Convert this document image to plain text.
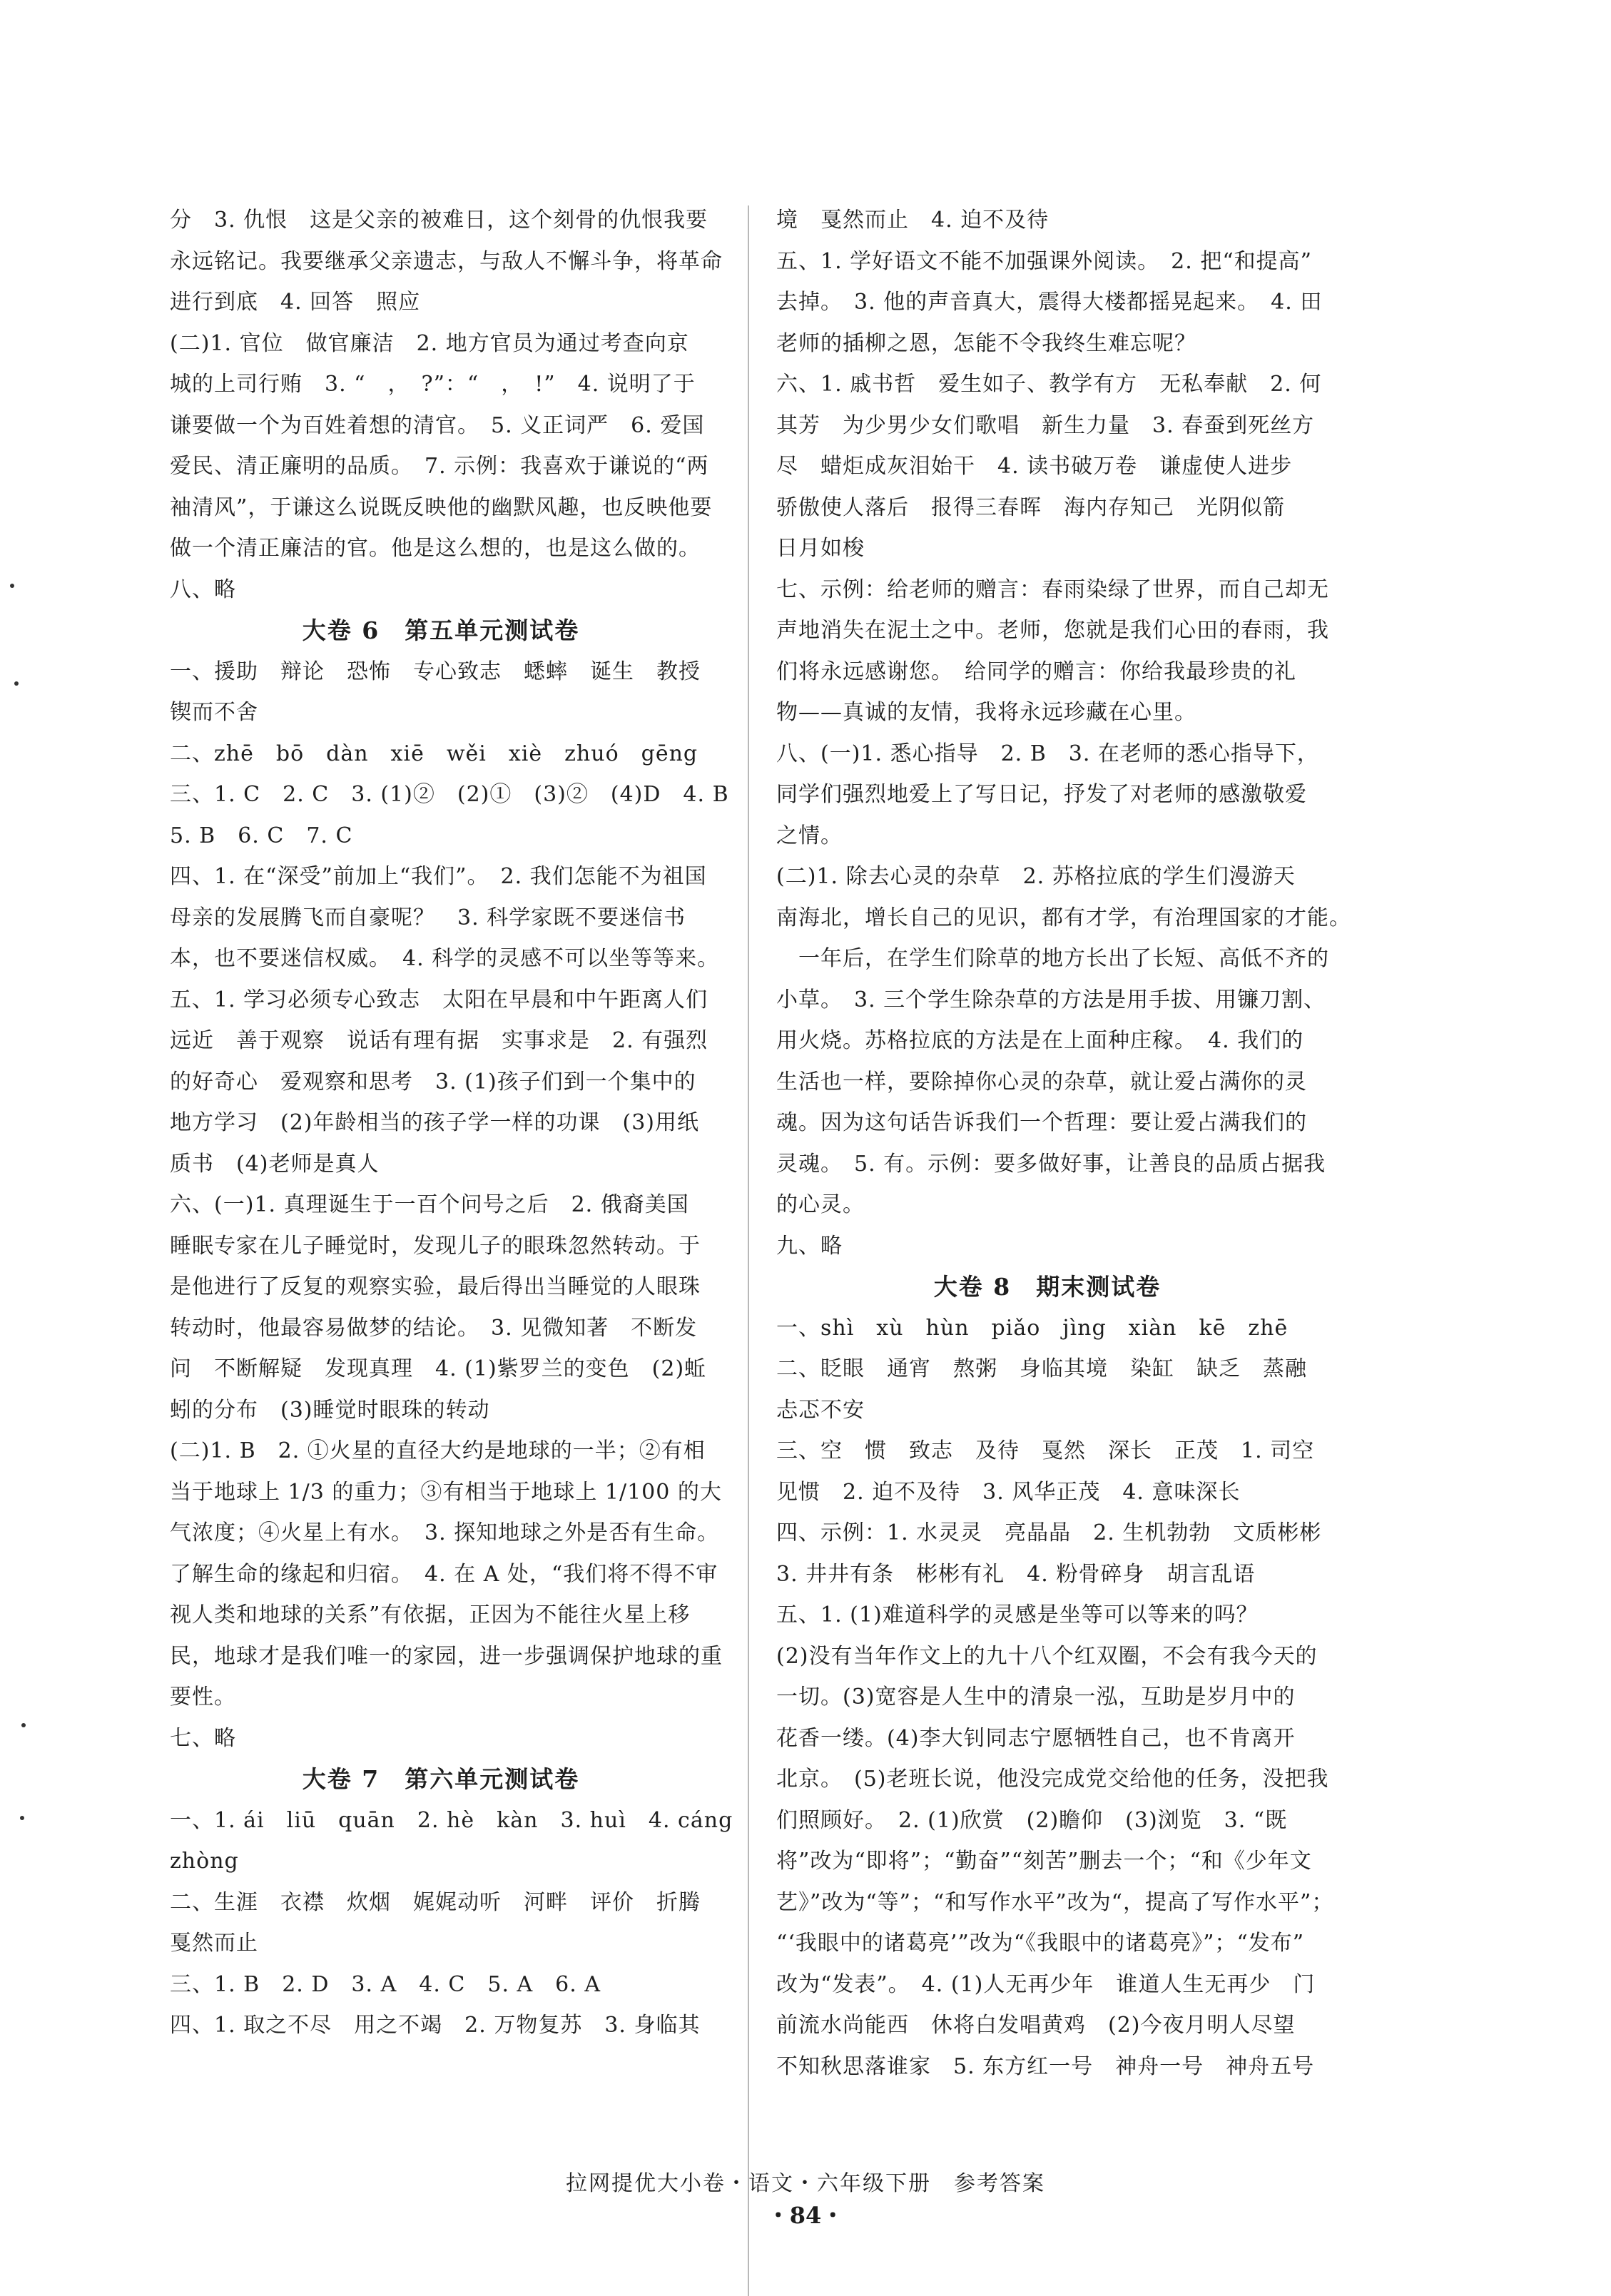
分　3. 仇恨　这是父亲的被难日，这个刻骨的仇恨我要

永远铭记。我要继承父亲遗志，与敌人不懈斗争，将革命

进行到底　4. 回答　照应

(二)1. 官位　做官廉洁　2. 地方官员为通过考查向京

城的上司行贿　3. “　，　?”：“　，　!”　4. 说明了于

谦要做一个为百姓着想的清官。　5. 义正词严　6. 爱国

爱民、清正廉明的品质。　7. 示例：我喜欢于谦说的“两

袖清风”，于谦这么说既反映他的幽默风趣，也反映他要

做一个清正廉洁的官。他是这么想的，也是这么做的。

八、略

大卷 6　第五单元测试卷

一、援助　辩论　恐怖　专心致志　蟋蟀　诞生　教授

锲而不舍

二、zhē　bō　dàn　xiē　wěi　xiè　zhuó　gēng

三、1. C　2. C　3. (1)②　(2)①　(3)②　(4)D　4. B

5. B　6. C　7. C

四、1. 在“深受”前加上“我们”。　2. 我们怎能不为祖国

母亲的发展腾飞而自豪呢？　3. 科学家既不要迷信书

本，也不要迷信权威。　4. 科学的灵感不可以坐等等来。

五、1. 学习必须专心致志　太阳在早晨和中午距离人们

远近　善于观察　说话有理有据　实事求是　2. 有强烈

的好奇心　爱观察和思考　3. (1)孩子们到一个集中的

地方学习　(2)年龄相当的孩子学一样的功课　(3)用纸

质书　(4)老师是真人

六、(一)1. 真理诞生于一百个问号之后　2. 俄裔美国

睡眠专家在儿子睡觉时，发现儿子的眼珠忽然转动。于

是他进行了反复的观察实验，最后得出当睡觉的人眼珠

转动时，他最容易做梦的结论。　3. 见微知著　不断发

问　不断解疑　发现真理　4. (1)紫罗兰的变色　(2)蚯

蚓的分布　(3)睡觉时眼珠的转动

(二)1. B　2. ①火星的直径大约是地球的一半；②有相

当于地球上 1/3 的重力；③有相当于地球上 1/100 的大

气浓度；④火星上有水。　3. 探知地球之外是否有生命。

了解生命的缘起和归宿。　4. 在 A 处，“我们将不得不审

视人类和地球的关系”有依据，正因为不能往火星上移

民，地球才是我们唯一的家园，进一步强调保护地球的重

要性。

七、略

大卷 7　第六单元测试卷

一、1. ái　liū　quān　2. hè　kàn　3. huì　4. cáng

zhòng

二、生涯　衣襟　炊烟　娓娓动听　河畔　评价　折腾

戛然而止

三、1. B　2. D　3. A　4. C　5. A　6. A

四、1. 取之不尽　用之不竭　2. 万物复苏　3. 身临其

境　戛然而止　4. 迫不及待

五、1. 学好语文不能不加强课外阅读。　2. 把“和提高”

去掉。　3. 他的声音真大，震得大楼都摇晃起来。　4. 田

老师的插柳之恩，怎能不令我终生难忘呢？

六、1. 戚书哲　爱生如子、教学有方　无私奉献　2. 何

其芳　为少男少女们歌唱　新生力量　3. 春蚕到死丝方

尽　蜡炬成灰泪始干　4. 读书破万卷　谦虚使人进步

骄傲使人落后　报得三春晖　海内存知己　光阴似箭

日月如梭

七、示例：给老师的赠言：春雨染绿了世界，而自己却无

声地消失在泥土之中。老师，您就是我们心田的春雨，我

们将永远感谢您。　给同学的赠言：你给我最珍贵的礼

物——真诚的友情，我将永远珍藏在心里。

八、(一)1. 悉心指导　2. B　3. 在老师的悉心指导下，

同学们强烈地爱上了写日记，抒发了对老师的感激敬爱

之情。

(二)1. 除去心灵的杂草　2. 苏格拉底的学生们漫游天

南海北，增长自己的见识，都有才学，有治理国家的才能。

　一年后，在学生们除草的地方长出了长短、高低不齐的

小草。　3. 三个学生除杂草的方法是用手拔、用镰刀割、

用火烧。苏格拉底的方法是在上面种庄稼。　4. 我们的

生活也一样，要除掉你心灵的杂草，就让爱占满你的灵

魂。因为这句话告诉我们一个哲理：要让爱占满我们的

灵魂。　5. 有。示例：要多做好事，让善良的品质占据我

的心灵。

九、略

大卷 8　期末测试卷

一、shì　xù　hùn　piǎo　jìng　xiàn　kē　zhē

二、眨眼　通宵　熬粥　身临其境　染缸　缺乏　蒸融

忐忑不安

三、空　惯　致志　及待　戛然　深长　正茂　1. 司空

见惯　2. 迫不及待　3. 风华正茂　4. 意味深长

四、示例：1. 水灵灵　亮晶晶　2. 生机勃勃　文质彬彬

3. 井井有条　彬彬有礼　4. 粉骨碎身　胡言乱语

五、1. (1)难道科学的灵感是坐等可以等来的吗？

(2)没有当年作文上的九十八个红双圈，不会有我今天的

一切。(3)宽容是人生中的清泉一泓，互助是岁月中的

花香一缕。(4)李大钊同志宁愿牺牲自己，也不肯离开

北京。　(5)老班长说，他没完成党交给他的任务，没把我

们照顾好。　2. (1)欣赏　(2)瞻仰　(3)浏览　3. “既

将”改为“即将”；“勤奋”“刻苦”删去一个；“和《少年文

艺》”改为“等”；“和写作水平”改为“，提高了写作水平”；

“‘我眼中的诸葛亮’”改为“《我眼中的诸葛亮》”；“发布”

改为“发表”。　4. (1)人无再少年　谁道人生无再少　门

前流水尚能西　休将白发唱黄鸡　(2)今夜月明人尽望

不知秋思落谁家　5. 东方红一号　神舟一号　神舟五号

拉网提优大小卷・语文・六年级下册　参考答案
・84・
